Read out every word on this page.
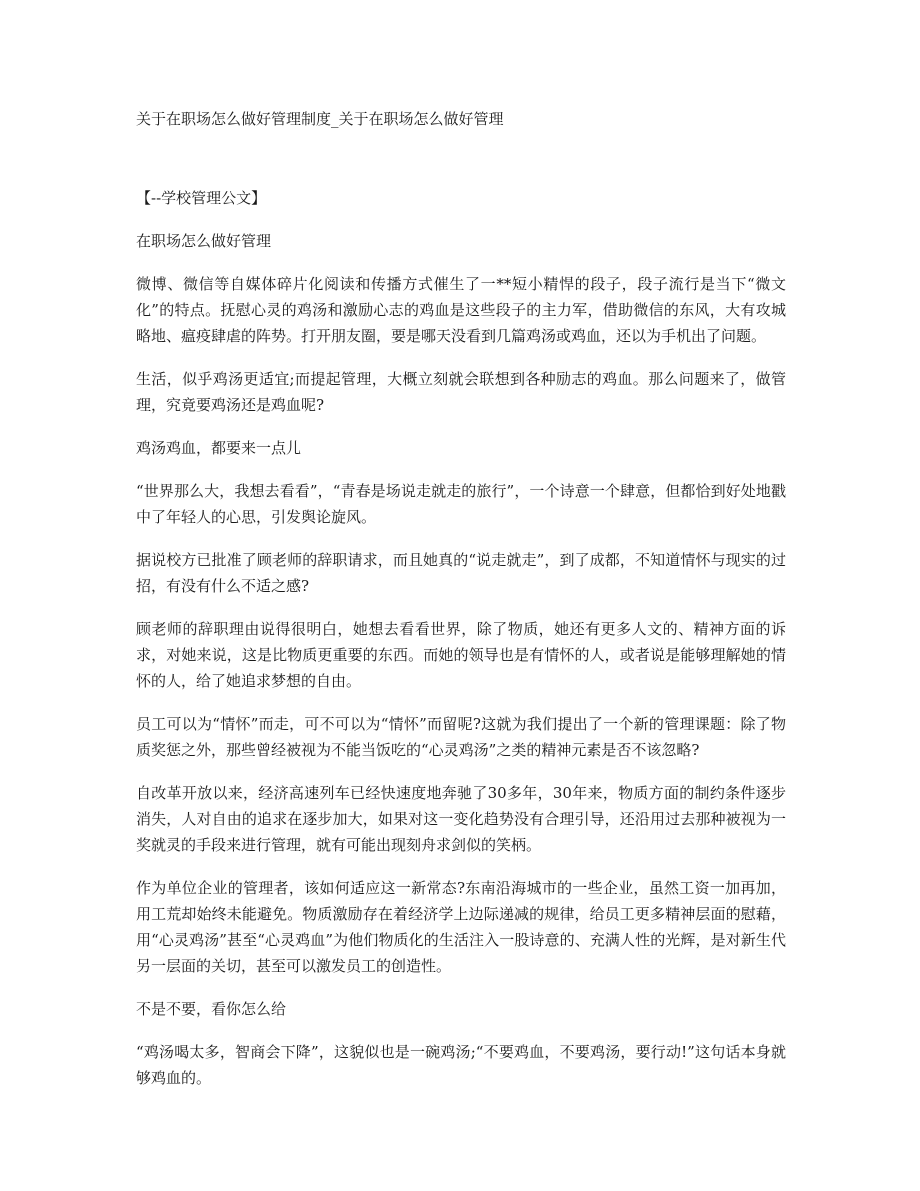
关于在职场怎么做好管理制度_关于在职场怎么做好管理

【--学校管理公文】

在职场怎么做好管理

微博、微信等自媒体碎片化阅读和传播方式催生了一**短小精悍的段子，段子流行是当下“微文化”的特点。抚慰心灵的鸡汤和激励心志的鸡血是这些段子的主力军，借助微信的东风，大有攻城略地、瘟疫肆虐的阵势。打开朋友圈，要是哪天没看到几篇鸡汤或鸡血，还以为手机出了问题。

生活，似乎鸡汤更适宜;而提起管理，大概立刻就会联想到各种励志的鸡血。那么问题来了，做管理，究竟要鸡汤还是鸡血呢?

鸡汤鸡血，都要来一点儿

“世界那么大，我想去看看”，“青春是场说走就走的旅行”，一个诗意一个肆意，但都恰到好处地戳中了年轻人的心思，引发舆论旋风。

据说校方已批准了顾老师的辞职请求，而且她真的“说走就走”，到了成都，不知道情怀与现实的过招，有没有什么不适之感?

顾老师的辞职理由说得很明白，她想去看看世界，除了物质，她还有更多人文的、精神方面的诉求，对她来说，这是比物质更重要的东西。而她的领导也是有情怀的人，或者说是能够理解她的情怀的人，给了她追求梦想的自由。

员工可以为“情怀”而走，可不可以为“情怀”而留呢?这就为我们提出了一个新的管理课题：除了物质奖惩之外，那些曾经被视为不能当饭吃的“心灵鸡汤”之类的精神元素是否不该忽略?

自改革开放以来，经济高速列车已经快速度地奔驰了30多年，30年来，物质方面的制约条件逐步消失，人对自由的追求在逐步加大，如果对这一变化趋势没有合理引导，还沿用过去那种被视为一奖就灵的手段来进行管理，就有可能出现刻舟求剑似的笑柄。

作为单位企业的管理者，该如何适应这一新常态?东南沿海城市的一些企业，虽然工资一加再加，用工荒却始终未能避免。物质激励存在着经济学上边际递减的规律，给员工更多精神层面的慰藉，用“心灵鸡汤”甚至“心灵鸡血”为他们物质化的生活注入一股诗意的、充满人性的光辉，是对新生代另一层面的关切，甚至可以激发员工的创造性。

不是不要，看你怎么给

“鸡汤喝太多，智商会下降”，这貌似也是一碗鸡汤;“不要鸡血，不要鸡汤，要行动!”这句话本身就够鸡血的。
